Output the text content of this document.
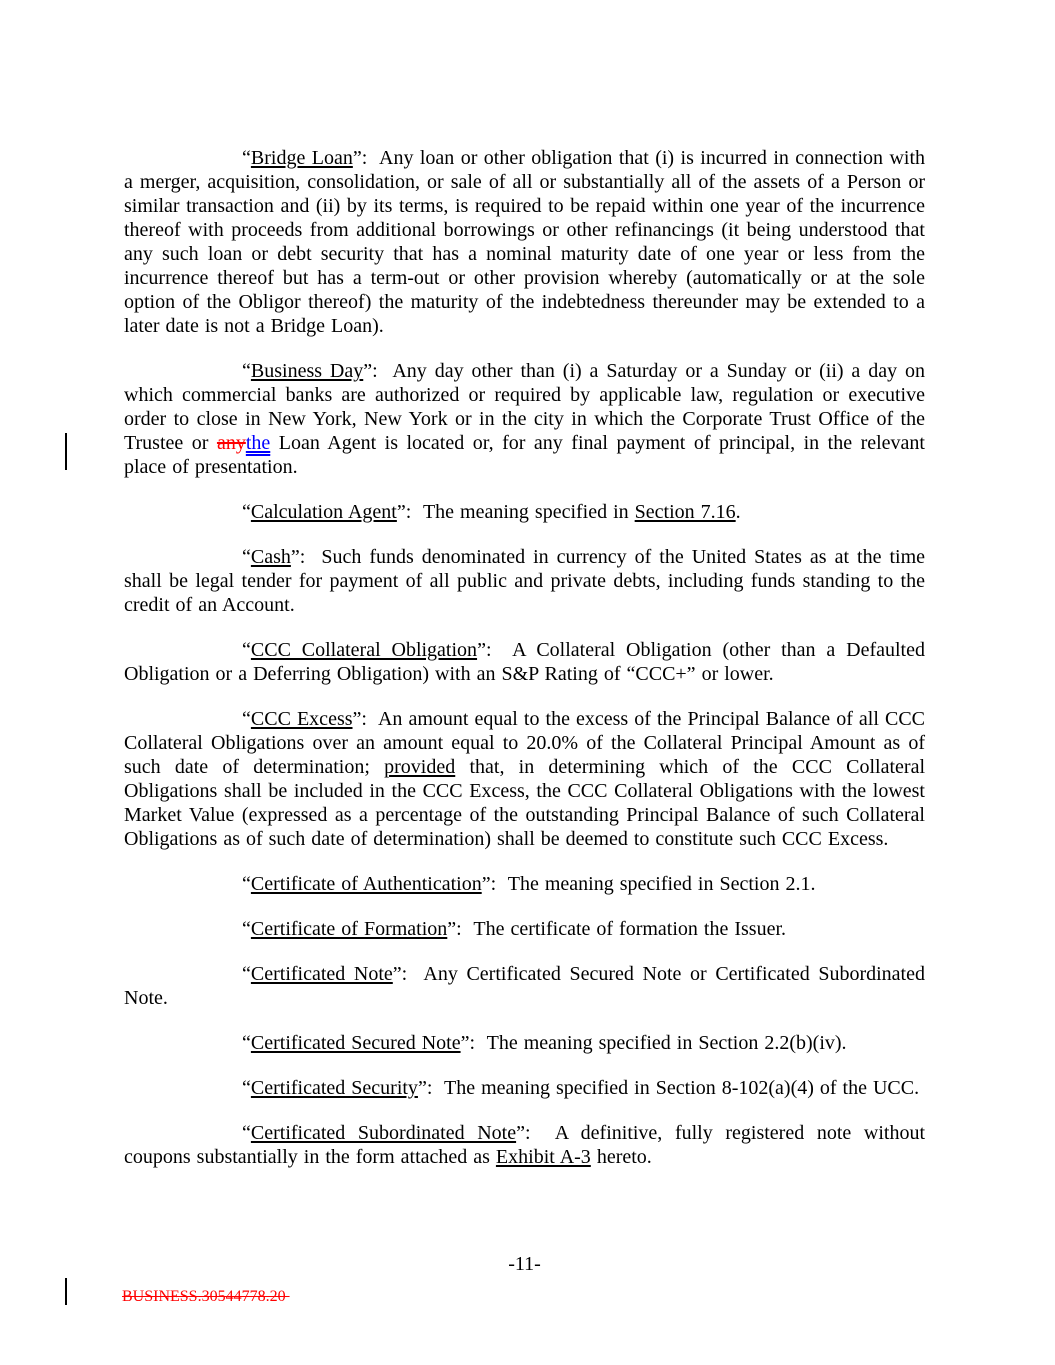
“Bridge Loan”:  Any loan or other obligation that (i) is incurred in connection with a merger, acquisition, consolidation, or sale of all or substantially all of the assets of a Person or similar transaction and (ii) by its terms, is required to be repaid within one year of the incurrence thereof with proceeds from additional borrowings or other refinancings (it being understood that any such loan or debt security that has a nominal maturity date of one year or less from the incurrence thereof but has a term-out or other provision whereby (automatically or at the sole option of the Obligor thereof) the maturity of the indebtedness thereunder may be extended to a later date is not a Bridge Loan).

“Business Day”:  Any day other than (i) a Saturday or a Sunday or (ii) a day on which commercial banks are authorized or required by applicable law, regulation or executive order to close in New York, New York or in the city in which the Corporate Trust Office of the Trustee or anythe Loan Agent is located or, for any final payment of principal, in the relevant place of presentation.

“Calculation Agent”:  The meaning specified in Section 7.16.

“Cash”:  Such funds denominated in currency of the United States as at the time shall be legal tender for payment of all public and private debts, including funds standing to the credit of an Account.

“CCC Collateral Obligation”:  A Collateral Obligation (other than a Defaulted Obligation or a Deferring Obligation) with an S&P Rating of “CCC+” or lower.

“CCC Excess”:  An amount equal to the excess of the Principal Balance of all CCC Collateral Obligations over an amount equal to 20.0% of the Collateral Principal Amount as of such date of determination; provided that, in determining which of the CCC Collateral Obligations shall be included in the CCC Excess, the CCC Collateral Obligations with the lowest Market Value (expressed as a percentage of the outstanding Principal Balance of such Collateral Obligations as of such date of determination) shall be deemed to constitute such CCC Excess.

“Certificate of Authentication”:  The meaning specified in Section 2.1.

“Certificate of Formation”:  The certificate of formation the Issuer.

“Certificated Note”:  Any Certificated Secured Note or Certificated Subordinated Note.

“Certificated Secured Note”:  The meaning specified in Section 2.2(b)(iv).

“Certificated Security”:  The meaning specified in Section 8-102(a)(4) of the UCC.

“Certificated Subordinated Note”:  A definitive, fully registered note without coupons substantially in the form attached as Exhibit A-3 hereto.

-11-
BUSINESS.30544778.20
